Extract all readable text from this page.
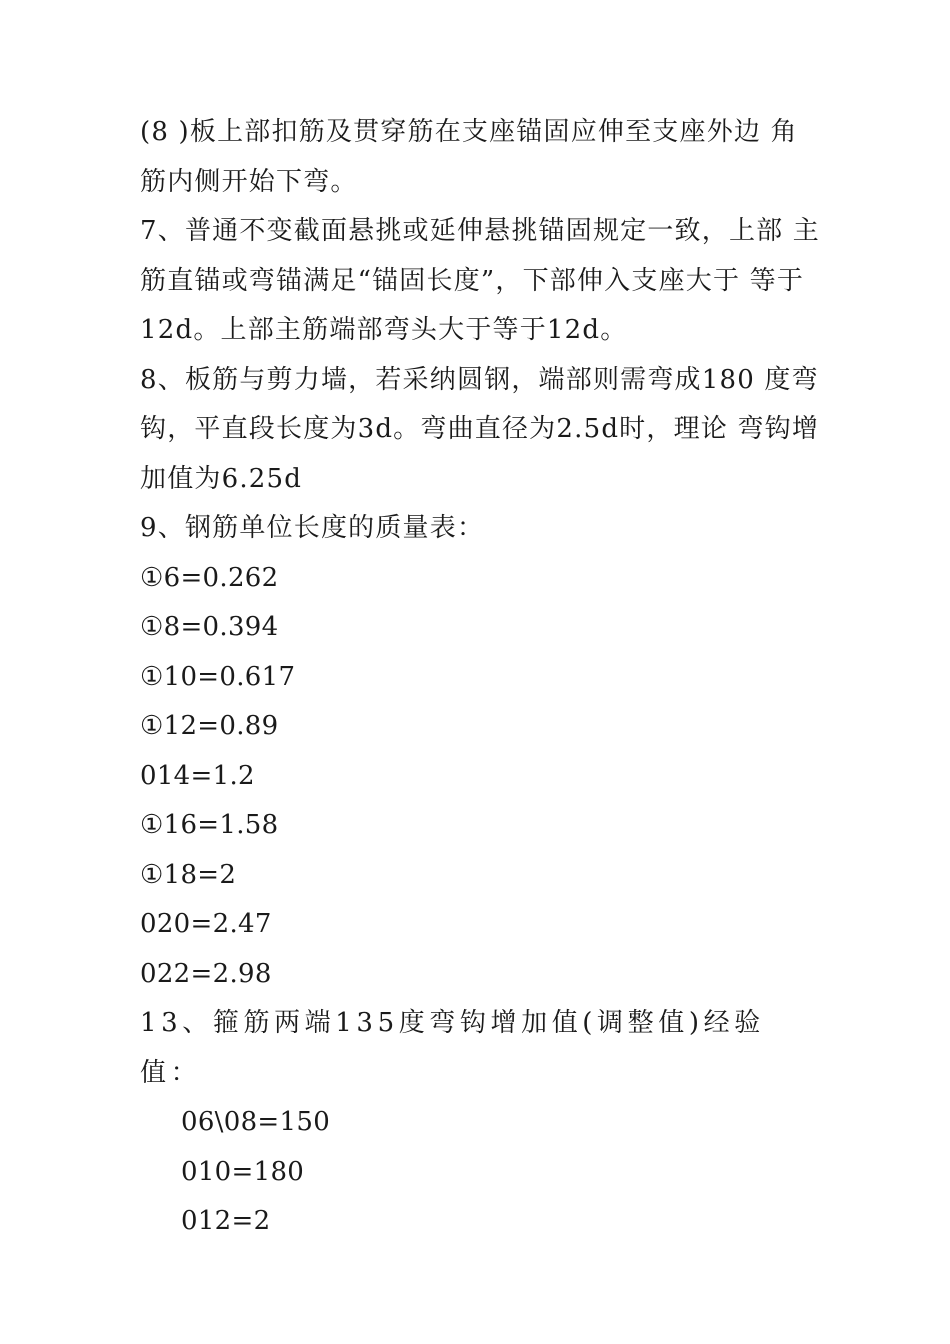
(8 )板上部扣筋及贯穿筋在支座锚固应伸至支座外边 角筋内侧开始下弯。

7、普通不变截面悬挑或延伸悬挑锚固规定一致，上部 主筋直锚或弯锚满足“锚固长度”，下部伸入支座大于 等于12d。上部主筋端部弯头大于等于12d。

8、板筋与剪力墙，若采纳圆钢，端部则需弯成180 度弯钩，平直段长度为3d。弯曲直径为2.5d时，理论 弯钩增加值为6.25d

9、钢筋单位长度的质量表：

①6=0.262

①8=0.394

①10=0.617

①12=0.89

014=1.2

①16=1.58

①18=2

020=2.47

022=2.98

13、箍筋两端135度弯钩增加值(调整值)经验值：

06\08=150

010=180

012=2
